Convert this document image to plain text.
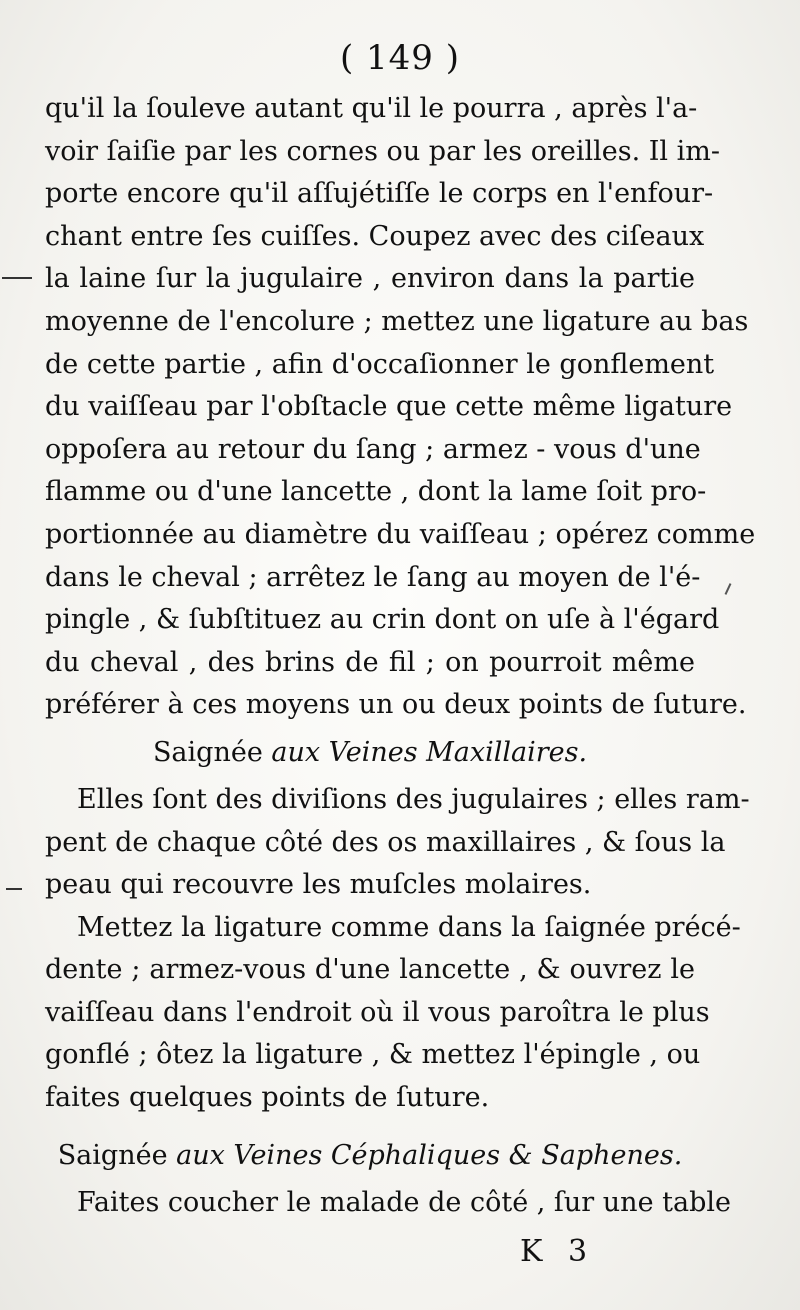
( 149 )
qu'il la ſouleve autant qu'il le pourra , après l'a-
voir ſaiſie par les cornes ou par les oreilles. Il im-
porte encore qu'il aſſujétiſſe le corps en l'enfour-
chant entre ſes cuiſſes. Coupez avec des ciſeaux
la laine ſur la jugulaire , environ dans la partie
moyenne de l'encolure ; mettez une ligature au bas
de cette partie , afin d'occaſionner le gonflement
du vaiſſeau par l'obſtacle que cette même ligature
oppoſera au retour du ſang ; armez - vous d'une
flamme ou d'une lancette , dont la lame ſoit pro-
portionnée au diamètre du vaiſſeau ; opérez comme
dans le cheval ; arrêtez le ſang au moyen de l'é-
pingle , & ſubſtituez au crin dont on uſe à l'égard
du cheval , des brins de fil ; on pourroit même
préférer à ces moyens un ou deux points de ſuture.
Saignée aux Veines Maxillaires.
Elles ſont des diviſions des jugulaires ; elles ram-
pent de chaque côté des os maxillaires , & ſous la
peau qui recouvre les muſcles molaires.
Mettez la ligature comme dans la ſaignée précé-
dente ; armez-vous d'une lancette , & ouvrez le
vaiſſeau dans l'endroit où il vous paroîtra le plus
gonflé ; ôtez la ligature , & mettez l'épingle , ou
faites quelques points de ſuture.
Saignée aux Veines Céphaliques & Saphenes.
Faites coucher le malade de côté , ſur une table
K 3
